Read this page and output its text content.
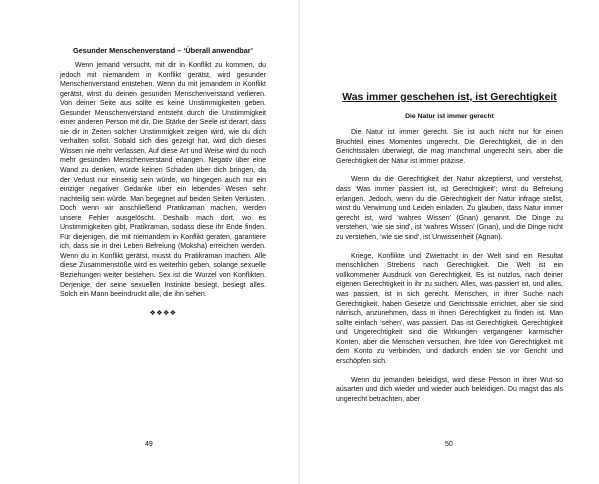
Gesunder Menschenverstand – ‘Überall anwendbar’

Wenn jemand versucht, mit dir in Konflikt zu kommen, du jedoch mit niemandem in Konflikt gerätst, wird gesunder Menschenverstand entstehen. Wenn du mit jemandem in Konflikt gerätst, wirst du deinen gesunden Menschenverstand verlieren. Von deiner Seite aus sollte es keine Unstimmigkeiten geben. Gesunder Menschenverstand entsteht durch die Unstimmigkeit einer anderen Person mit dir. Die Stärke der Seele ist derart, dass sie dir in Zeiten solcher Unstimmigkeit zeigen wird, wie du dich verhalten sollst. Sobald sich dies gezeigt hat, wird dich dieses Wissen nie mehr verlassen. Auf diese Art und Weise wird du noch mehr gesunden Menschenverstand erlangen. Negativ über eine Wand zu denken, würde keinen Schaden über dich bringen, da der Verlust nur einseitig sein würde, wo hingegen auch nur ein einziger negativer Gedanke über ein lebendes Wesen sehr nachteilig sein würde. Man begegnet auf beiden Seiten Verlusten. Doch wenn wir anschließend Pratikraman machen, werden unsere Fehler ausgelöscht. Deshalb mach dort, wo es Unstimmigkeiten gibt, Pratikraman, sodass diese ihr Ende finden. Für diejenigen, die mit niemandem in Konflikt geraten, garantiere ich, dass sie in drei Leben Befreiung (Moksha) erreichen werden. Wenn du in Konflikt gerätst, musst du Pratikraman machen. Alle diese Zusammenstöße wird es weiterhin geben, solange sexuelle Beziehungen weiter bestehen. Sex ist die Wurzel von Konflikten. Derjenige, der seine sexuellen Instinkte besiegt, besiegt alles. Solch ein Mann beeindruckt alle, die ihn sehen.

❖❖❖❖
49
Was immer geschehen ist, ist Gerechtigkeit
Die Natur ist immer gerecht

Die Natur ist immer gerecht. Sie ist auch nicht nur für einen Bruchteil eines Momentes ungerecht. Die Gerechtigkeit, die in den Gerichtssälen überwiegt, die mag manchmal ungerecht sein, aber die Gerechtigkeit der Natur ist immer präzise.

Wenn du die Gerechtigkeit der Natur akzeptierst, und verstehst, dass ‘Was immer passiert ist, ist Gerechtigkeit’; wirst du Befreiung erlangen. Jedoch, wenn du die Gerechtigkeit der Natur infrage stellst, wirst du Verwirrung und Leiden einladen. Zu glauben, dass Natur immer gerecht ist, wird ‘wahres Wissen’ (Gnan) genannt. Die Dinge zu verstehen, ‘wie sie sind’, ist ‘wahres Wissen’ (Gnan), und die Dinge nicht zu verstehen, ‘wie sie sind’, ist Unwissenheit (Agnan).

Kriege, Konflikte und Zwietracht in der Welt sind ein Resultat menschlichen Strebens nach Gerechtigkeit. Die Welt ist ein vollkommener Ausdruck von Gerechtigkeit. Es ist nutzlos, nach deiner eigenen Gerechtigkeit in ihr zu suchen. Alles, was passiert ist, und alles, was passiert, ist in sich gerecht. Menschen, in ihrer Suche nach Gerechtigkeit, haben Gesetze und Gerichtssäle errichtet, aber sie sind närrisch, anzunehmen, dass in ihnen Gerechtigkeit zu finden ist. Man sollte einfach ‘sehen’, was passiert. Das ist Gerechtigkeit. Gerechtigkeit und Ungerechtigkeit sind die Wirkungen vergangener karmischer Konten, aber die Menschen versuchen, ihre Idee von Gerechtigkeit mit dem Konto zu verbinden, und dadurch enden sie vor Gericht und erschöpfen sich.

Wenn du jemanden beleidigst, wird diese Person in ihrer Wut so ausarten und dich wieder und wieder auch beleidigen. Du magst das als ungerecht betrachten, aber

50
